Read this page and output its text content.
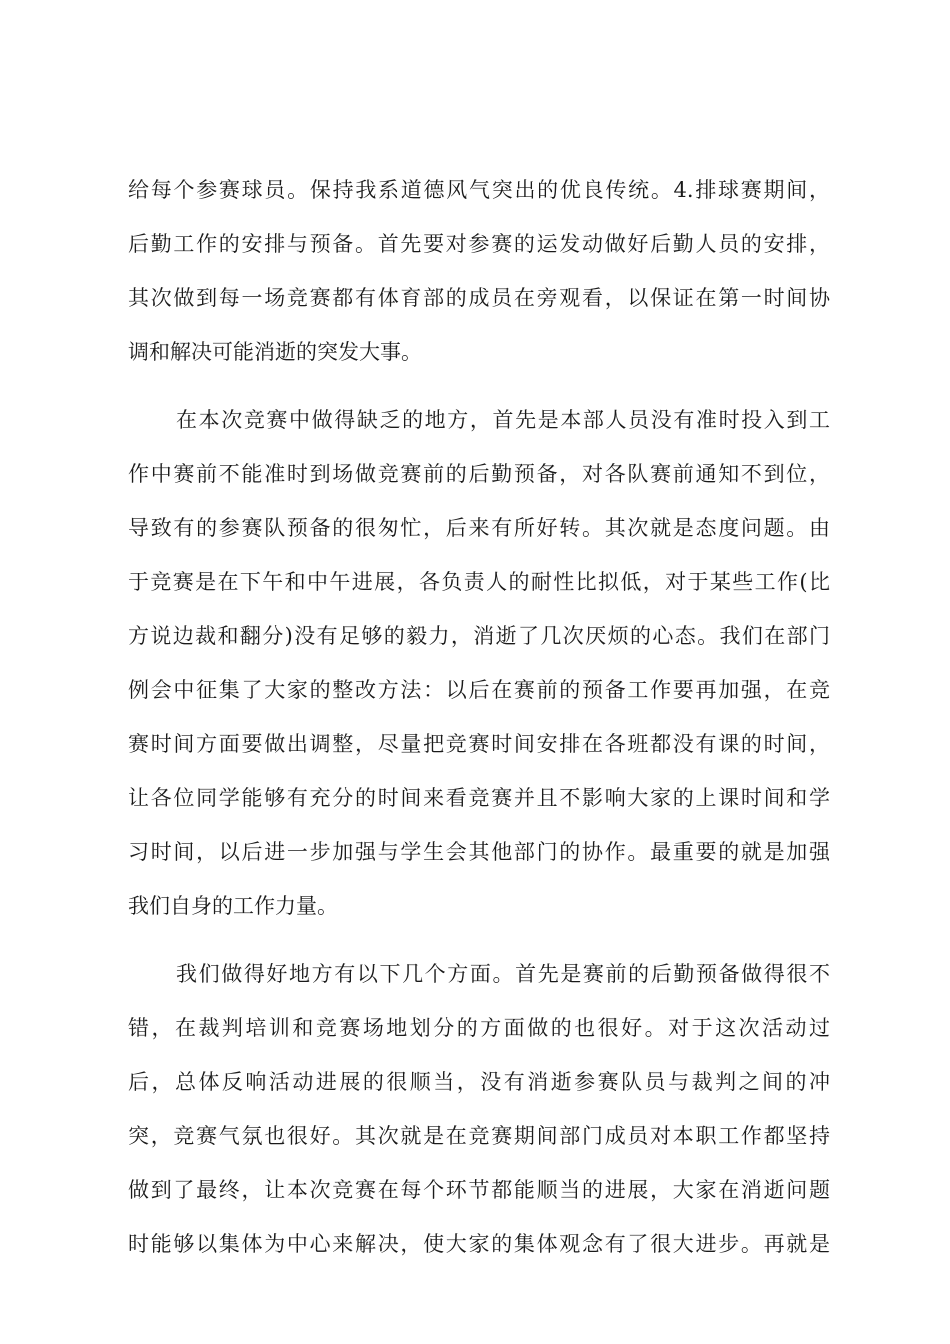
给每个参赛球员。保持我系道德风气突出的优良传统。4.排球赛期间，
后勤工作的安排与预备。首先要对参赛的运发动做好后勤人员的安排，
其次做到每一场竞赛都有体育部的成员在旁观看，以保证在第一时间协
调和解决可能消逝的突发大事。
在本次竞赛中做得缺乏的地方，首先是本部人员没有准时投入到工
作中赛前不能准时到场做竞赛前的后勤预备，对各队赛前通知不到位，
导致有的参赛队预备的很匆忙，后来有所好转。其次就是态度问题。由
于竞赛是在下午和中午进展，各负责人的耐性比拟低，对于某些工作(比
方说边裁和翻分)没有足够的毅力，消逝了几次厌烦的心态。我们在部门
例会中征集了大家的整改方法：以后在赛前的预备工作要再加强，在竞
赛时间方面要做出调整，尽量把竞赛时间安排在各班都没有课的时间，
让各位同学能够有充分的时间来看竞赛并且不影响大家的上课时间和学
习时间，以后进一步加强与学生会其他部门的协作。最重要的就是加强
我们自身的工作力量。
我们做得好地方有以下几个方面。首先是赛前的后勤预备做得很不
错，在裁判培训和竞赛场地划分的方面做的也很好。对于这次活动过
后，总体反响活动进展的很顺当，没有消逝参赛队员与裁判之间的冲
突，竞赛气氛也很好。其次就是在竞赛期间部门成员对本职工作都坚持
做到了最终，让本次竞赛在每个环节都能顺当的进展，大家在消逝问题
时能够以集体为中心来解决，使大家的集体观念有了很大进步。再就是
